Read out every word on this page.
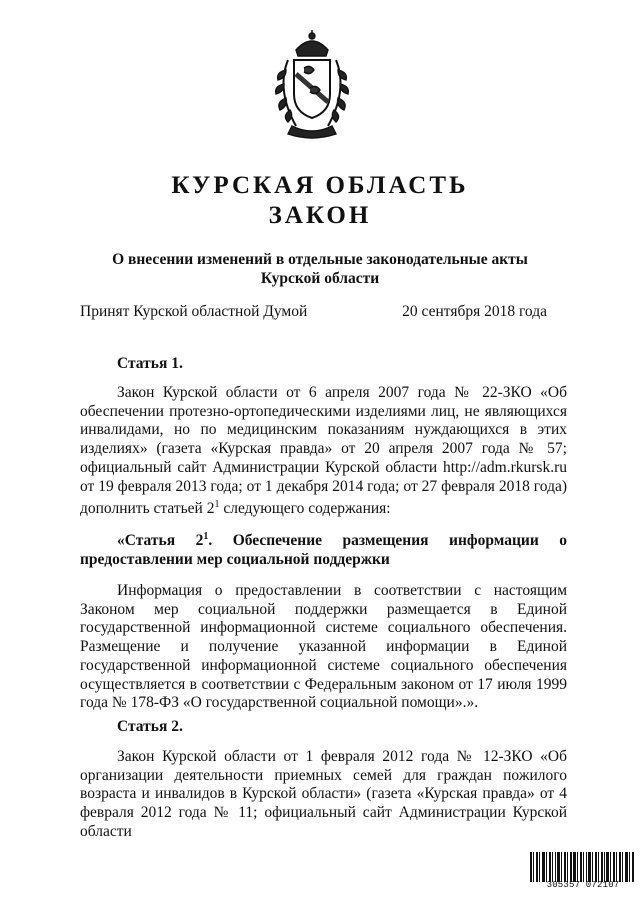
КУРСКАЯ ОБЛАСТЬ
ЗАКОН
О внесении изменений в отдельные законодательные акты
Курской области
Принят Курской областной Думой	20 сентября 2018 года
Статья 1.
Закон Курской области от 6 апреля 2007 года № 22-ЗКО «Об обеспечении протезно-ортопедическими изделиями лиц, не являющихся инвалидами, но по медицинским показаниям нуждающихся в этих изделиях» (газета «Курская правда» от 20 апреля 2007 года № 57; официальный сайт Администрации Курской области http://adm.rkursk.ru от 19 февраля 2013 года; от 1 декабря 2014 года; от 27 февраля 2018 года) дополнить статьей $2^1$ следующего содержания:
«Статья $2^1$. Обеспечение размещения информации о предоставлении мер социальной поддержки
Информация о предоставлении в соответствии с настоящим Законом мер социальной поддержки размещается в Единой государственной информационной системе социального обеспечения. Размещение и получение указанной информации в Единой государственной информационной системе социального обеспечения осуществляется в соответствии с Федеральным законом от 17 июля 1999 года № 178-ФЗ «О государственной социальной помощи».».
Статья 2.
Закон Курской области от 1 февраля 2012 года № 12-ЗКО «Об организации деятельности приемных семей для граждан пожилого возраста и инвалидов в Курской области» (газета «Курская правда» от 4 февраля 2012 года № 11; официальный сайт Администрации Курской области
305357 072107
